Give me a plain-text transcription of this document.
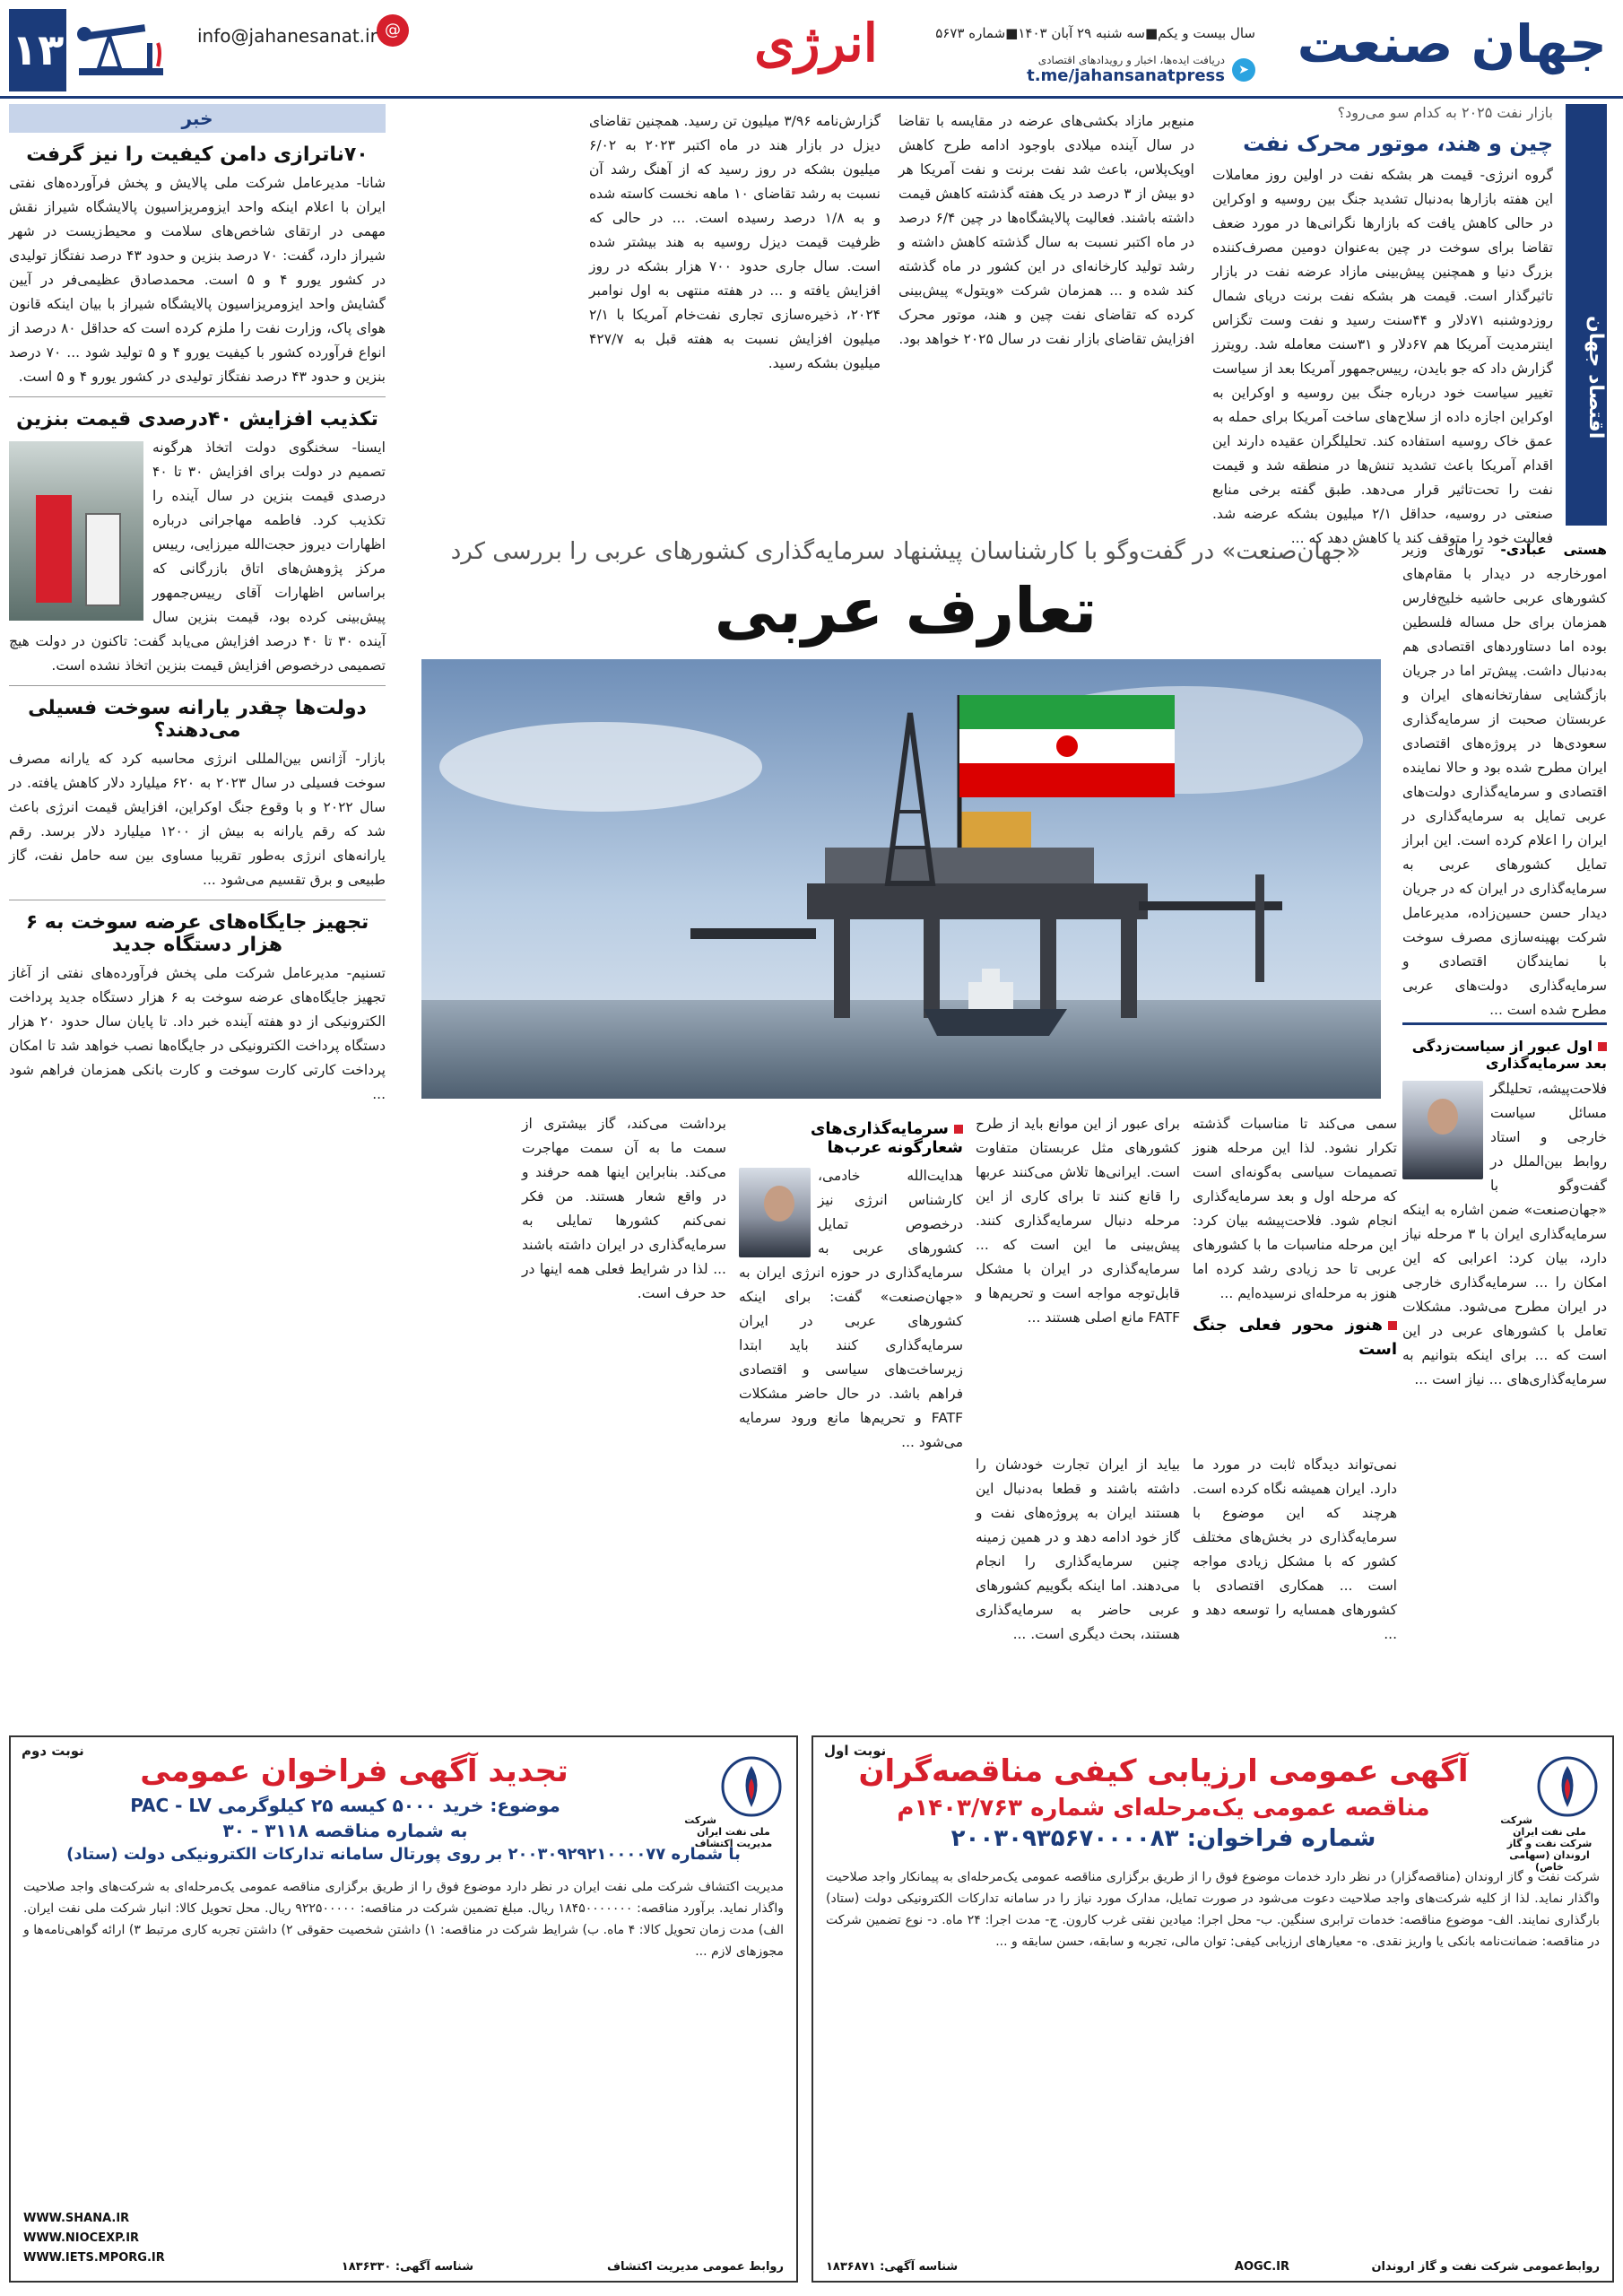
جهان صنعت
سال بیست و یکم■سه شنبه ۲۹ آبان ۱۴۰۳■شماره ۵۶۷۳
➤
دریافت ایده‌ها، اخبار و رویدادهای اقتصادی
t.me/jahansanatpress
انرژی
@
info@jahanesanat.ir
۱۳
اقتصاد جهان
بازار نفت ۲۰۲۵ به کدام سو می‌رود؟
چین و هند، موتور محرک نفت

گروه انرژی- قیمت هر بشکه نفت در اولین روز معاملات این هفته بازارها به‌دنبال تشدید جنگ بین روسیه و اوکراین در حالی کاهش یافت که بازارها نگرانی‌ها در مورد ضعف تقاضا برای سوخت در چین به‌عنوان دومین مصرف‌کننده بزرگ دنیا و همچنین پیش‌بینی مازاد عرضه نفت در بازار تاثیرگذار است. قیمت هر بشکه نفت برنت دریای شمال روزدوشنبه ۷۱دلار و ۴۴سنت رسید و نفت وست تگزاس اینترمدیت آمریکا هم ۶۷دلار و ۳۱سنت معامله شد. رویترز گزارش داد که جو بایدن، رییس‌جمهور آمریکا بعد از سیاست تغییر سیاست خود درباره جنگ بین روسیه و اوکراین به اوکراین اجازه داده از سلاح‌های ساخت آمریکا برای حمله به عمق خاک روسیه استفاده کند. تحلیلگران عقیده دارند این اقدام آمریکا باعث تشدید تنش‌ها در منطقه شد و قیمت نفت را تحت‌تاثیر قرار می‌دهد. طبق گفته برخی منابع صنعتی در روسیه، حداقل ۲/۱ میلیون بشکه عرضه شد. فعالیت خود را متوقف کند یا کاهش دهد که ...

منبع‌بر مازاد بکشی‌های عرضه در مقایسه با تقاضا در سال آینده میلادی باوجود ادامه طرح کاهش اوپک‌پلاس، باعث شد نفت برنت و نفت آمریکا هر دو بیش از ۳ درصد در یک هفته گذشته کاهش قیمت داشته باشند. فعالیت پالایشگاه‌ها در چین ۶/۴ درصد در ماه اکتبر نسبت به سال گذشته کاهش داشته و رشد تولید کارخانه‌ای در این کشور در ماه گذشته کند شده و ... همزمان شرکت «ویتول» پیش‌بینی کرده که تقاضای نفت چین و هند، موتور محرک افزایش تقاضای بازار نفت در سال ۲۰۲۵ خواهد بود.

گزارش‌نامه ۳/۹۶ میلیون تن رسید. همچنین تقاضای دیزل در بازار هند در ماه اکتبر ۲۰۲۳ به ۶/۰۲ میلیون بشکه در روز رسید که از آهنگ رشد آن نسبت به رشد تقاضای ۱۰ ماهه نخست کاسته شده و به ۱/۸ درصد رسیده است. ... در حالی که ظرفیت قیمت دیزل روسیه به هند بیشتر شده است. سال جاری حدود ۷۰۰ هزار بشکه در روز افزایش یافته و ... در هفته منتهی به اول نوامبر ۲۰۲۴، ذخیره‌سازی تجاری نفت‌خام آمریکا با ۲/۱ میلیون افزایش نسبت به هفته قبل به ۴۲۷/۷ میلیون بشکه رسید.

هستی عبادی- تورهای وزیر امورخارجه در دیدار با مقام‌های کشورهای عربی حاشیه خلیج‌فارس همزمان برای حل مساله فلسطین بوده اما دستاوردهای اقتصادی هم به‌دنبال داشت. پیش‌تر اما در جریان بازگشایی سفارتخانه‌های ایران و عربستان صحبت از سرمایه‌گذاری سعودی‌ها در پروژه‌های اقتصادی ایران مطرح شده بود و حالا نماینده اقتصادی و سرمایه‌گذاری دولت‌های عربی تمایل به سرمایه‌گذاری در ایران را اعلام کرده است. این ابراز تمایل کشورهای عربی به سرمایه‌گذاری در ایران که در جریان دیدار حسن حسین‌زاده، مدیرعامل شرکت بهینه‌سازی مصرف سوخت با نمایندگان اقتصادی و سرمایه‌گذاری دولت‌های عربی مطرح شده است ...

اول عبور از سیاست‌زدگی بعد سرمایه‌گذاری

فلاحت‌پیشه، تحلیلگر مسائل سیاست خارجی و استاد روابط بین‌الملل در گفت‌وگو با «جهان‌صنعت» ضمن اشاره به اینکه سرمایه‌گذاری ایران با ۳ مرحله نیاز دارد، بیان کرد: اعرابی که این امکان را ... سرمایه‌گذاری خارجی در ایران مطرح می‌شود. مشکلات تعامل با کشورهای عربی در این است که ... برای اینکه بتوانیم به سرمایه‌گذاری‌های ... نیاز است ...

«جهان‌صنعت» در گفت‌وگو با کارشناسان پیشنهاد سرمایه‌گذاری کشورهای عربی را بررسی کرد
تعارف عربی

سمی می‌کند تا مناسبات گذشته تکرار نشود. لذا این مرحله هنوز تصمیمات سیاسی به‌گونه‌ای است که مرحله اول و بعد سرمایه‌گذاری انجام شود. فلاحت‌پیشه بیان کرد: این مرحله مناسبات ما با کشورهای عربی تا حد زیادی رشد کرده اما هنوز به مرحله‌ای نرسیده‌ایم ...
هنوز محور فعلی جنگ است

برای عبور از این موانع باید از طرح کشورهای مثل عربستان متفاوت است. ایرانی‌ها تلاش می‌کنند عربها را قانع کنند تا برای کاری از این مرحله دنبال سرمایه‌گذاری کنند. پیش‌بینی ما این است که ... سرمایه‌گذاری در ایران با مشکل قابل‌توجه مواجه است و تحریم‌ها و FATF مانع اصلی هستند ...

سرمایه‌گذاری‌های شعارگونه عرب‌ها

هدایت‌الله خادمی، کارشناس انرژی نیز درخصوص تمایل کشورهای عربی به سرمایه‌گذاری در حوزه انرژی ایران به «جهان‌صنعت» گفت: برای اینکه کشورهای عربی در ایران سرمایه‌گذاری کنند باید ابتدا زیرساخت‌های سیاسی و اقتصادی فراهم باشد. در حال حاضر مشکلات FATF و تحریم‌ها مانع ورود سرمایه می‌شود ...

برداشت می‌کند، گاز بیشتری از سمت ما به آن سمت مهاجرت می‌کند. بنابراین اینها همه حرفند و در واقع شعار هستند. من فکر نمی‌کنم کشورها تمایلی به سرمایه‌گذاری در ایران داشته باشند ... لذا در شرایط فعلی همه اینها در حد حرف است.

نمی‌تواند دیدگاه ثابت در مورد ما دارد. ایران همیشه نگاه کرده است. هرچند که این موضوع با سرمایه‌گذاری در بخش‌های مختلف کشور که با مشکل زیادی مواجه است ... همکاری اقتصادی با کشورهای همسایه را توسعه دهد و ...

بیاید از ایران تجارت خودشان را داشته باشند و قطعا به‌دنبال این هستند ایران به پروژه‌های نفت و گاز خود ادامه دهد و در همین زمینه چنین سرمایه‌گذاری را انجام می‌دهند. اما اینکه بگوییم کشورهای عربی حاضر به سرمایه‌گذاری هستند، بحث دیگری است. ...

خبر
۷۰ناترازی دامن کیفیت را نیز گرفت

شانا- مدیرعامل شرکت ملی پالایش و پخش فرآورده‌های نفتی ایران با اعلام اینکه واحد ایزومریزاسیون پالایشگاه شیراز نقش مهمی در ارتقای شاخص‌های سلامت و محیط‌زیست در شهر شیراز دارد، گفت: ۷۰ درصد بنزین و حدود ۴۳ درصد نفتگاز تولیدی در کشور یورو ۴ و ۵ است. محمدصادق عظیمی‌فر در آیین گشایش واحد ایزومریزاسیون پالایشگاه شیراز با بیان اینکه قانون هوای پاک، وزارت نفت را ملزم کرده است که حداقل ۸۰ درصد از انواع فرآورده کشور با کیفیت یورو ۴ و ۵ تولید شود ... ۷۰ درصد بنزین و حدود ۴۳ درصد نفتگاز تولیدی در کشور یورو ۴ و ۵ است.

تکذیب افزایش ۴۰درصدی قیمت بنزین

ایسنا- سخنگوی دولت اتخاذ هرگونه تصمیم در دولت برای افزایش ۳۰ تا ۴۰ درصدی قیمت بنزین در سال آینده را تکذیب کرد. فاطمه مهاجرانی درباره اظهارات دیروز حجت‌الله میرزایی، رییس مرکز پژوهش‌های اتاق بازرگانی که براساس اظهارات آقای رییس‌جمهور پیش‌بینی کرده بود، قیمت بنزین سال آینده ۳۰ تا ۴۰ درصد افزایش می‌یابد گفت: تاکنون در دولت هیچ تصمیمی درخصوص افزایش قیمت بنزین اتخاذ نشده است.

دولت‌ها چقدر یارانه سوخت فسیلی می‌دهند؟

بازار- آژانس بین‌المللی انرژی محاسبه کرد که یارانه مصرف سوخت فسیلی در سال ۲۰۲۳ به ۶۲۰ میلیارد دلار کاهش یافته. در سال ۲۰۲۲ و با وقوع جنگ اوکراین، افزایش قیمت انرژی باعث شد که رقم یارانه به بیش از ۱۲۰۰ میلیارد دلار برسد. رقم یارانه‌های انرژی به‌طور تقریبا مساوی بین سه حامل نفت، گاز طبیعی و برق تقسیم می‌شود ...

تجهیز جایگاه‌های عرضه سوخت به ۶ هزار دستگاه جدید

تسنیم- مدیرعامل شرکت ملی پخش فرآورده‌های نفتی از آغاز تجهیز جایگاه‌های عرضه سوخت به ۶ هزار دستگاه جدید پرداخت الکترونیکی از دو هفته آینده خبر داد. تا پایان سال حدود ۲۰ هزار دستگاه پرداخت الکترونیکی در جایگاه‌ها نصب خواهد شد تا امکان پرداخت کارتی کارت سوخت و کارت بانکی همزمان فراهم شود ...

نوبت اول
شرکت ملی نفت ایران شرکت نفت و گاز اروندان (سهامی خاص)
آگهی عمومی ارزیابی کیفی مناقصه‌گران
مناقصه عمومی یک‌مرحله‌ای شماره ۱۴۰۳/۷۶۳م
شماره فراخوان: ۲۰۰۳۰۹۳۵۶۷۰۰۰۰۸۳

شرکت نفت و گاز اروندان (مناقصه‌گزار) در نظر دارد خدمات موضوع فوق را از طریق برگزاری مناقصه عمومی یک‌مرحله‌ای به پیمانکار واجد صلاحیت واگذار نماید. لذا از کلیه شرکت‌های واجد صلاحیت دعوت می‌شود در صورت تمایل، مدارک مورد نیاز را در سامانه تدارکات الکترونیکی دولت (ستاد) بارگذاری نمایند. الف- موضوع مناقصه: خدمات ترابری سنگین. ب- محل اجرا: میادین نفتی غرب کارون. ج- مدت اجرا: ۲۴ ماه. د- نوع تضمین شرکت در مناقصه: ضمانت‌نامه بانکی یا واریز نقدی. ه- معیارهای ارزیابی کیفی: توان مالی، تجربه و سابقه، حسن سابقه و ...

روابط‌عمومی شرکت نفت و گاز اروندان
AOGC.IR
شناسه آگهی: ۱۸۳۶۸۷۱
نوبت دوم
شرکت ملی نفت ایران مدیریت اکتشاف
تجدید آگهی فراخوان عمومی
موضوع: خرید ۵۰۰۰ کیسه ۲۵ کیلوگرمی PAC - LV
به شماره مناقصه ۳۱۱۸ - ۳۰
با شماره ۲۰۰۳۰۹۲۹۲۱۰۰۰۰۷۷ بر روی پورتال سامانه تدارکات الکترونیکی دولت (ستاد)

مدیریت اکتشاف شرکت ملی نفت ایران در نظر دارد موضوع فوق را از طریق برگزاری مناقصه عمومی یک‌مرحله‌ای به شرکت‌های واجد صلاحیت واگذار نماید. برآورد مناقصه: ۱۸۴۵۰۰۰۰۰۰۰ ریال. مبلغ تضمین شرکت در مناقصه: ۹۲۲۵۰۰۰۰۰ ریال. محل تحویل کالا: انبار شرکت ملی نفت ایران. الف) مدت زمان تحویل کالا: ۴ ماه. ب) شرایط شرکت در مناقصه: ۱) داشتن شخصیت حقوقی ۲) داشتن تجربه کاری مرتبط ۳) ارائه گواهی‌نامه‌ها و مجوزهای لازم ...

روابط عمومی مدیریت اکتشاف
WWW.SHANA.IR
WWW.NIOCEXP.IR
WWW.IETS.MPORG.IR
شناسه آگهی: ۱۸۳۶۳۳۰
